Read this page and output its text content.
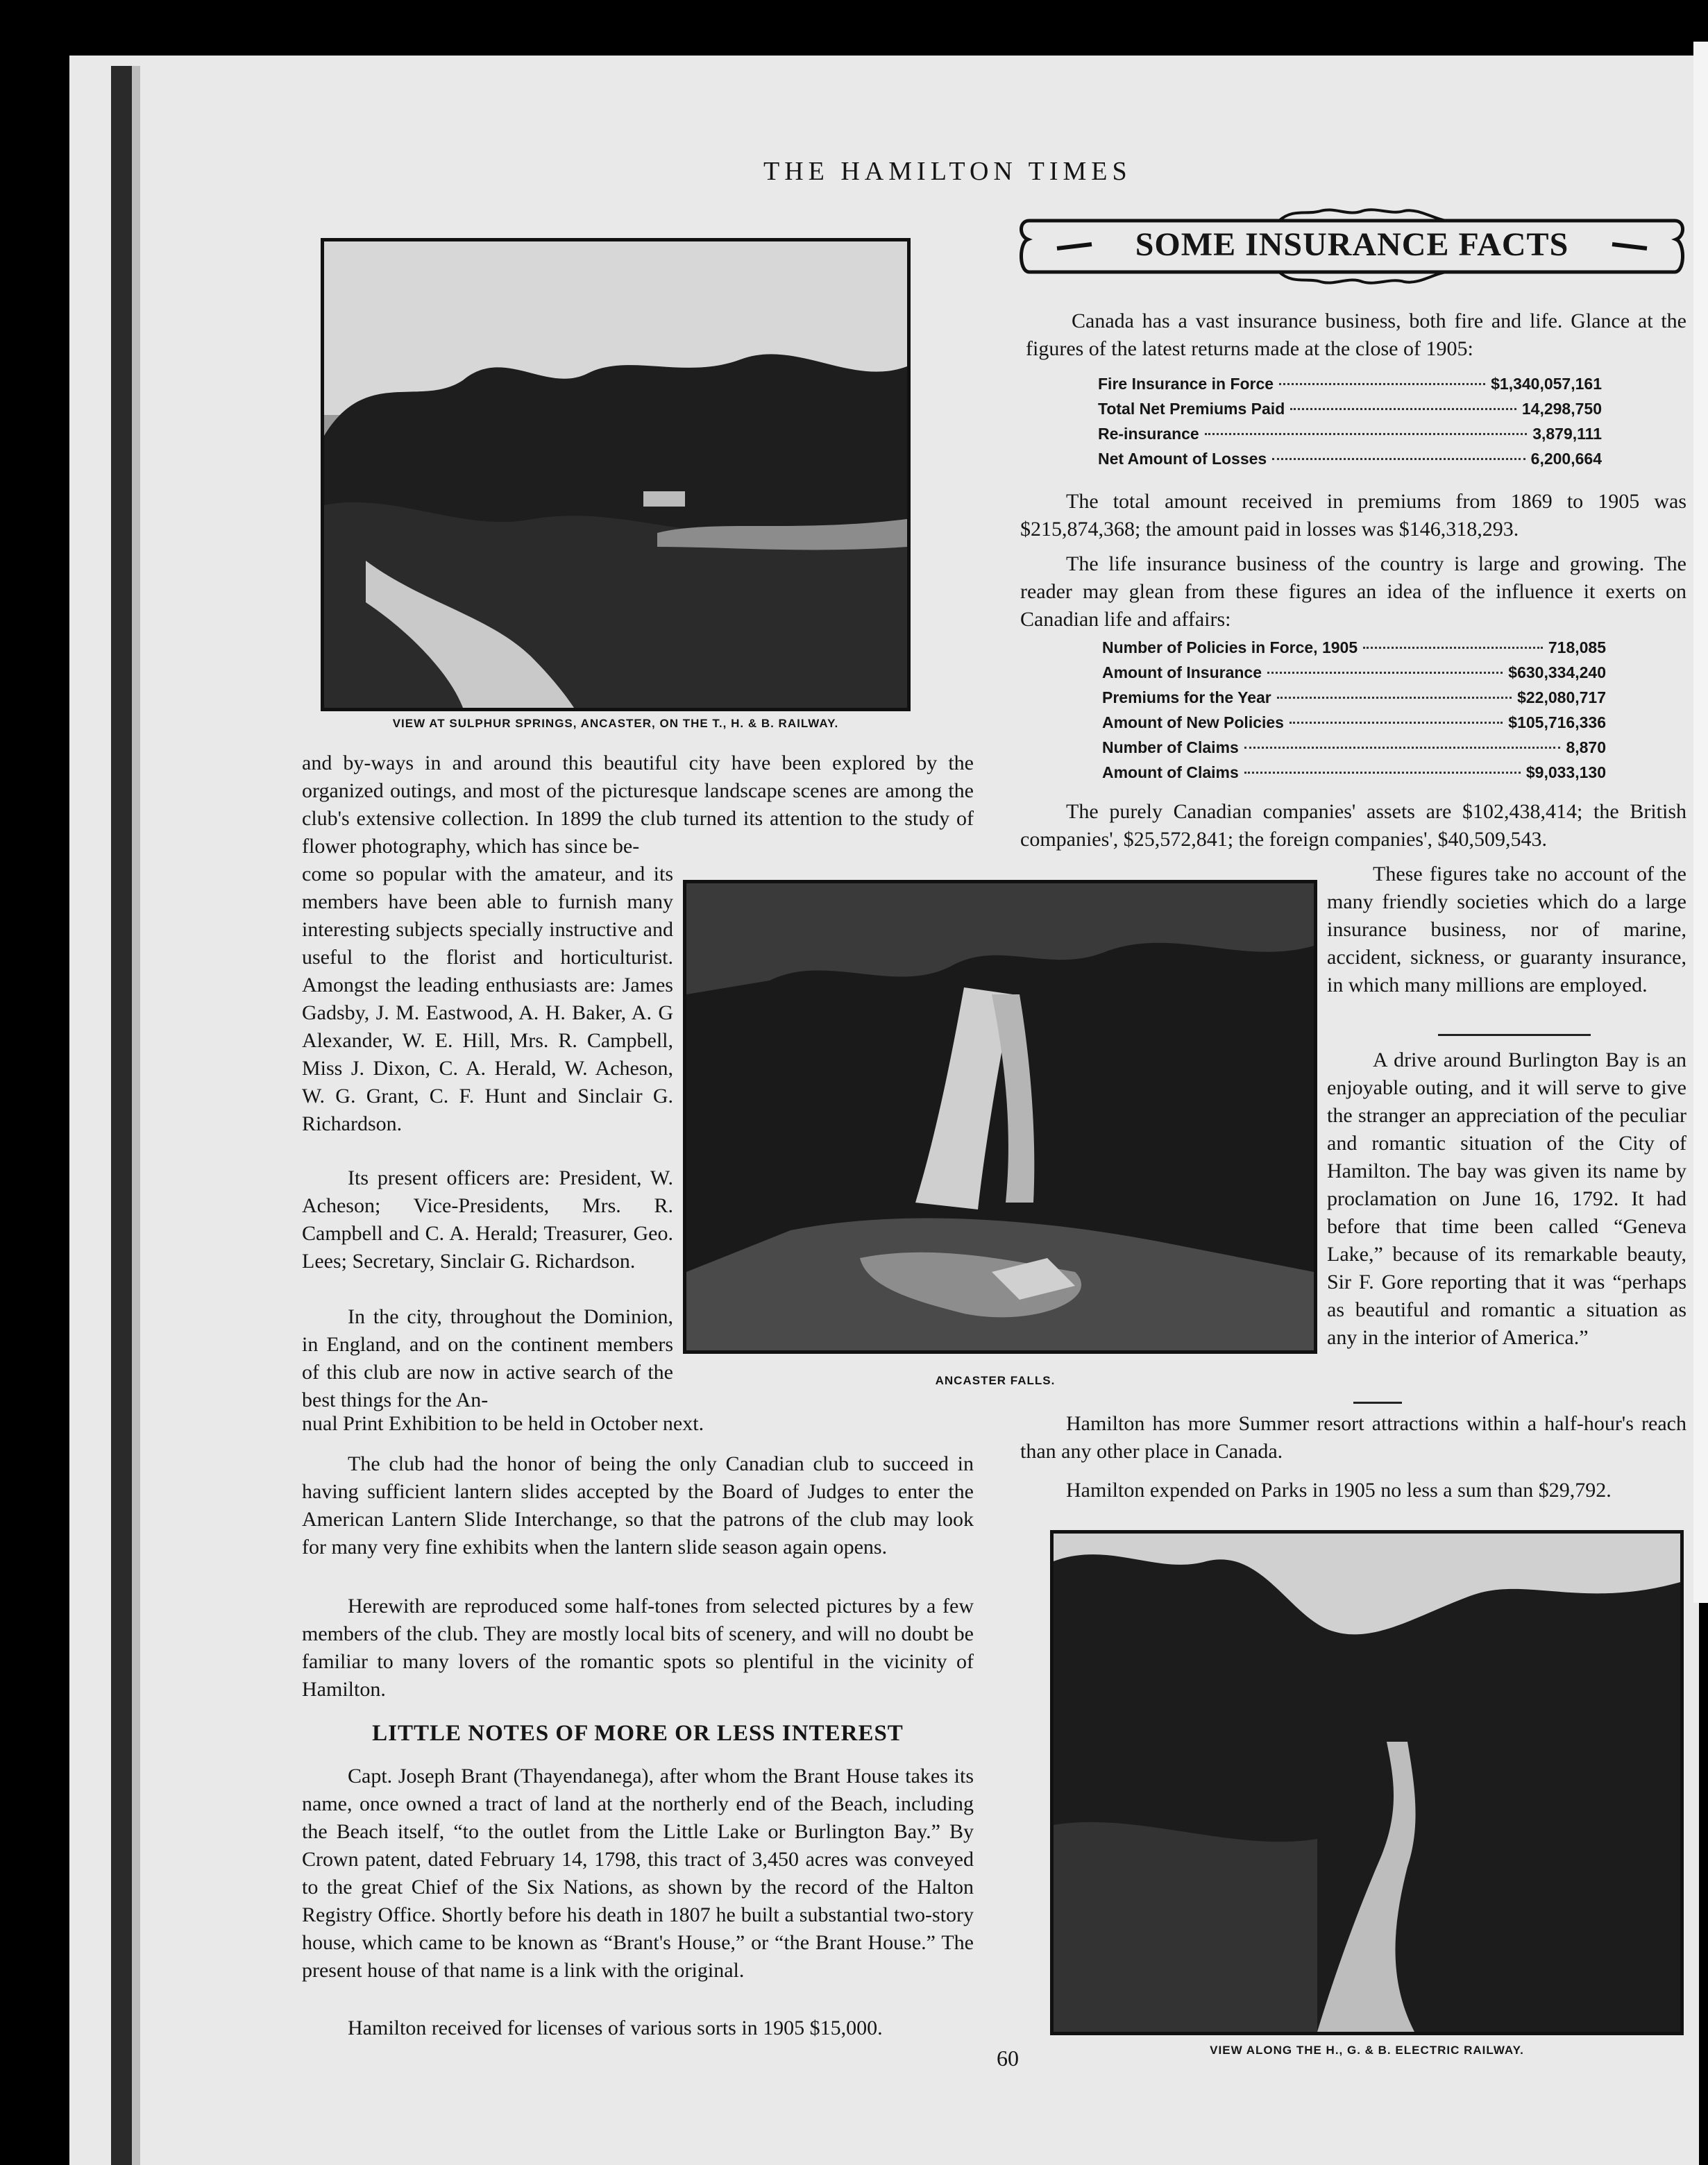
THE HAMILTON TIMES
VIEW AT SULPHUR SPRINGS, ANCASTER, ON THE T., H. & B. RAILWAY.
and by-ways in and around this beautiful city have been explored by the organized outings, and most of the picturesque landscape scenes are among the club's extensive collection. In 1899 the club turned its attention to the study of flower photography, which has since be-
come so popular with the amateur, and its members have been able to furnish many interesting subjects specially instructive and useful to the florist and horticulturist. Amongst the leading enthusiasts are: James Gadsby, J. M. Eastwood, A. H. Baker, A. G Alexander, W. E. Hill, Mrs. R. Campbell, Miss J. Dixon, C. A. Herald, W. Acheson, W. G. Grant, C. F. Hunt and Sinclair G. Richardson.
Its present officers are: President, W. Acheson; Vice-Presidents, Mrs. R. Campbell and C. A. Herald; Treasurer, Geo. Lees; Secretary, Sinclair G. Richardson.
In the city, throughout the Dominion, in England, and on the continent members of this club are now in active search of the best things for the An-
nual Print Exhibition to be held in October next.
The club had the honor of being the only Canadian club to succeed in having sufficient lantern slides accepted by the Board of Judges to enter the American Lantern Slide Interchange, so that the patrons of the club may look for many very fine exhibits when the lantern slide season again opens.
Herewith are reproduced some half-tones from selected pictures by a few members of the club. They are mostly local bits of scenery, and will no doubt be familiar to many lovers of the romantic spots so plentiful in the vicinity of Hamilton.
ANCASTER FALLS.
SOME INSURANCE FACTS
Canada has a vast insurance business, both fire and life. Glance at the figures of the latest returns made at the close of 1905:
Fire Insurance in Force	$1,340,057,161
Total Net Premiums Paid	14,298,750
Re-insurance	3,879,111
Net Amount of Losses	6,200,664
The total amount received in premiums from 1869 to 1905 was $215,874,368; the amount paid in losses was $146,318,293.
The life insurance business of the country is large and growing. The reader may glean from these figures an idea of the influence it exerts on Canadian life and affairs:
Number of Policies in Force, 1905	718,085
Amount of Insurance	$630,334,240
Premiums for the Year	$22,080,717
Amount of New Policies	$105,716,336
Number of Claims	8,870
Amount of Claims	$9,033,130
The purely Canadian companies' assets are $102,438,414; the British companies', $25,572,841; the foreign companies', $40,509,543.
These figures take no account of the many friendly societies which do a large insurance business, nor of marine, accident, sickness, or guaranty insurance, in which many millions are employed.
A drive around Burlington Bay is an enjoyable outing, and it will serve to give the stranger an appreciation of the peculiar and romantic situation of the City of Hamilton. The bay was given its name by proclamation on June 16, 1792. It had before that time been called “Geneva Lake,” because of its remarkable beauty, Sir F. Gore reporting that it was “perhaps as beautiful and romantic a situation as any in the interior of America.”
Hamilton has more Summer resort attractions within a half-hour's reach than any other place in Canada.
Hamilton expended on Parks in 1905 no less a sum than $29,792.
VIEW ALONG THE H., G. & B. ELECTRIC RAILWAY.
LITTLE NOTES OF MORE OR LESS INTEREST
Capt. Joseph Brant (Thayendanega), after whom the Brant House takes its name, once owned a tract of land at the northerly end of the Beach, including the Beach itself, “to the outlet from the Little Lake or Burlington Bay.” By Crown patent, dated February 14, 1798, this tract of 3,450 acres was conveyed to the great Chief of the Six Nations, as shown by the record of the Halton Registry Office. Shortly before his death in 1807 he built a substantial two-story house, which came to be known as “Brant's House,” or “the Brant House.” The present house of that name is a link with the original.
Hamilton received for licenses of various sorts in 1905 $15,000.
60
